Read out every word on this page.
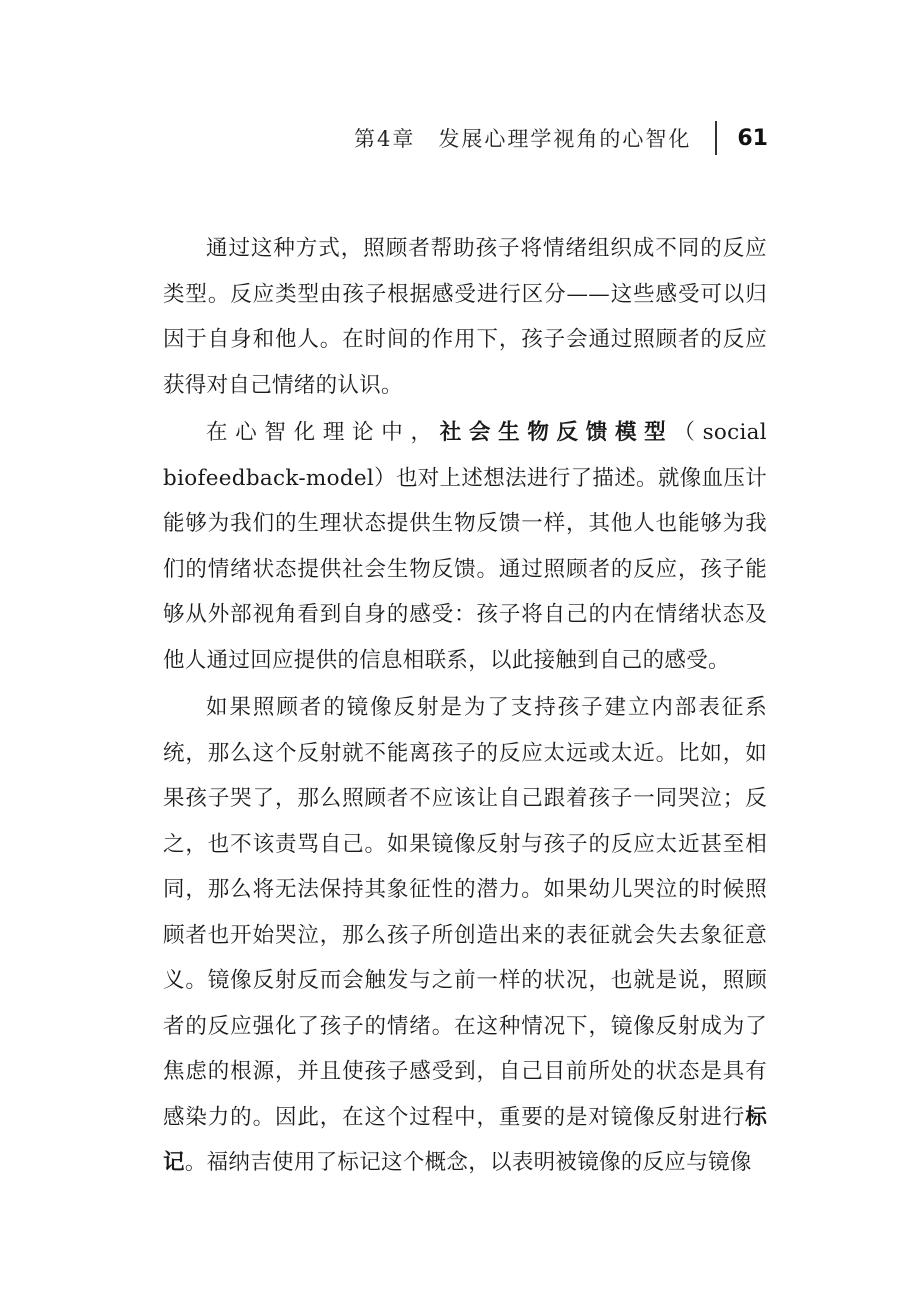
第4章　发展心理学视角的心智化 61

通过这种方式，照顾者帮助孩子将情绪组织成不同的反应类型。反应类型由孩子根据感受进行区分——这些感受可以归因于自身和他人。在时间的作用下，孩子会通过照顾者的反应获得对自己情绪的认识。

在心智化理论中，社会生物反馈模型（social biofeedback-model）也对上述想法进行了描述。就像血压计能够为我们的生理状态提供生物反馈一样，其他人也能够为我们的情绪状态提供社会生物反馈。通过照顾者的反应，孩子能够从外部视角看到自身的感受：孩子将自己的内在情绪状态及他人通过回应提供的信息相联系，以此接触到自己的感受。

如果照顾者的镜像反射是为了支持孩子建立内部表征系统，那么这个反射就不能离孩子的反应太远或太近。比如，如果孩子哭了，那么照顾者不应该让自己跟着孩子一同哭泣；反之，也不该责骂自己。如果镜像反射与孩子的反应太近甚至相同，那么将无法保持其象征性的潜力。如果幼儿哭泣的时候照顾者也开始哭泣，那么孩子所创造出来的表征就会失去象征意义。镜像反射反而会触发与之前一样的状况，也就是说，照顾者的反应强化了孩子的情绪。在这种情况下，镜像反射成为了焦虑的根源，并且使孩子感受到，自己目前所处的状态是具有感染力的。因此，在这个过程中，重要的是对镜像反射进行标记。福纳吉使用了标记这个概念，以表明被镜像的反应与镜像
